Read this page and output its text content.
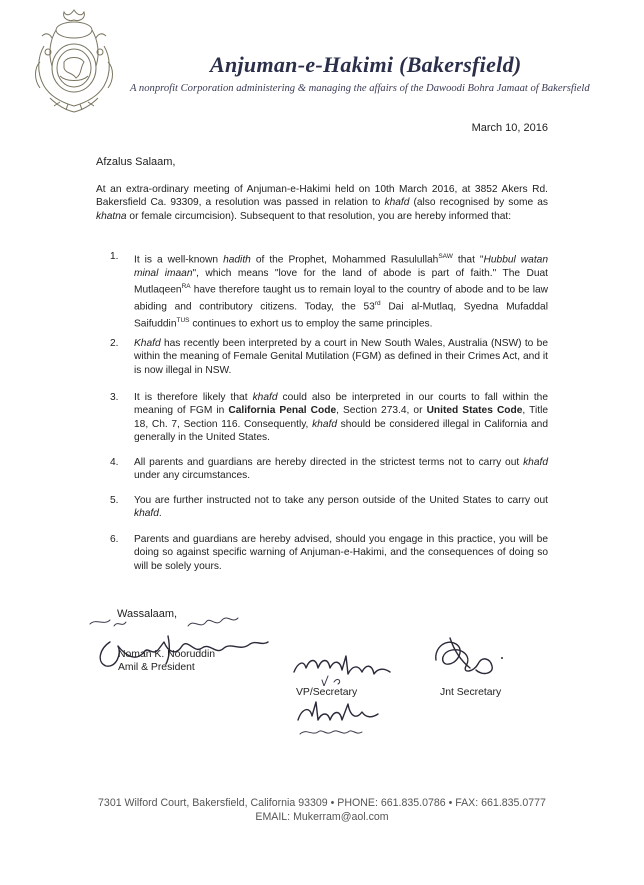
Anjuman-e-Hakimi (Bakersfield)
A nonprofit Corporation administering & managing the affairs of the Dawoodi Bohra Jamaat of Bakersfield
March 10, 2016
Afzalus Salaam,
At an extra-ordinary meeting of Anjuman-e-Hakimi held on 10th March 2016, at 3852 Akers Rd. Bakersfield Ca. 93309, a resolution was passed in relation to khafd (also recognised by some as khatna or female circumcision). Subsequent to that resolution, you are hereby informed that:
1. It is a well-known hadith of the Prophet, Mohammed Rasulullah$^{SAW}$ that "Hubbul watan minal imaan", which means "love for the land of abode is part of faith." The Duat Mutlaqeen$^{RA}$ have therefore taught us to remain loyal to the country of abode and to be law abiding and contributory citizens. Today, the 53rd Dai al-Mutlaq, Syedna Mufaddal Saifuddin$^{TUS}$ continues to exhort us to employ the same principles.
2. Khafd has recently been interpreted by a court in New South Wales, Australia (NSW) to be within the meaning of Female Genital Mutilation (FGM) as defined in their Crimes Act, and it is now illegal in NSW.
3. It is therefore likely that khafd could also be interpreted in our courts to fall within the meaning of FGM in California Penal Code, Section 273.4, or United States Code, Title 18, Ch. 7, Section 116. Consequently, khafd should be considered illegal in California and generally in the United States.
4. All parents and guardians are hereby directed in the strictest terms not to carry out khafd under any circumstances.
5. You are further instructed not to take any person outside of the United States to carry out khafd.
6. Parents and guardians are hereby advised, should you engage in this practice, you will be doing so against specific warning of Anjuman-e-Hakimi, and the consequences of doing so will be solely yours.
Wassalaam,
Noman K. Nooruddin
Amil & President
VP/Secretary	Jnt Secretary
7301 Wilford Court, Bakersfield, California 93309 • PHONE: 661.835.0786 • FAX: 661.835.0777
EMAIL: Mukerram@aol.com
